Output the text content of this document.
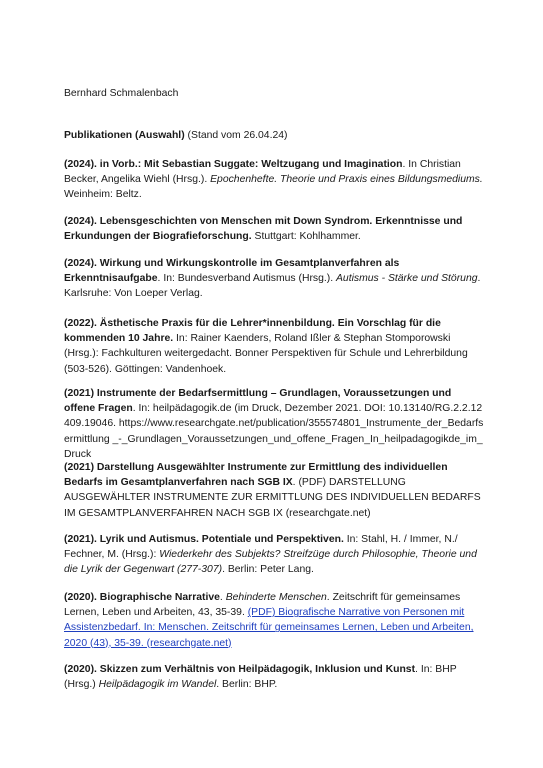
Bernhard Schmalenbach
Publikationen (Auswahl) (Stand vom 26.04.24)

(2024). in Vorb.: Mit Sebastian Suggate: Weltzugang und Imagination. In Christian Becker, Angelika Wiehl (Hrsg.). Epochenhefte. Theorie und Praxis eines Bildungsmediums. Weinheim: Beltz.

(2024). Lebensgeschichten von Menschen mit Down Syndrom. Erkenntnisse und Erkundungen der Biografieforschung. Stuttgart: Kohlhammer.

(2024). Wirkung und Wirkungskontrolle im Gesamtplanverfahren als Erkenntnisaufgabe. In: Bundesverband Autismus (Hrsg.). Autismus - Stärke und Störung. Karlsruhe: Von Loeper Verlag.

(2022). Ästhetische Praxis für die Lehrer*innenbildung. Ein Vorschlag für die kommenden 10 Jahre. In: Rainer Kaenders, Roland Ißler & Stephan Stomporowski (Hrsg.): Fachkulturen weitergedacht. Bonner Perspektiven für Schule und Lehrerbildung (503-526). Göttingen: Vandenhoek.

(2021) Instrumente der Bedarfsermittlung – Grundlagen, Voraussetzungen und offene Fragen. In: heilpädagogik.de (im Druck, Dezember 2021. DOI: 10.13140/RG.2.2.12409.19046. https://www.researchgate.net/publication/355574801_Instrumente_der_Bedarfsermittlung _-_Grundlagen_Voraussetzungen_und_offene_Fragen_In_heilpadagogikde_im_Druck

(2021) Darstellung Ausgewählter Instrumente zur Ermittlung des individuellen Bedarfs im Gesamtplanverfahren nach SGB IX. (PDF) DARSTELLUNG AUSGEWÄHLTER INSTRUMENTE ZUR ERMITTLUNG DES INDIVIDUELLEN BEDARFS IM GESAMTPLANVERFAHREN NACH SGB IX (researchgate.net)

(2021). Lyrik und Autismus. Potentiale und Perspektiven. In: Stahl, H. / Immer, N./ Fechner, M. (Hrsg.): Wiederkehr des Subjekts? Streifzüge durch Philosophie, Theorie und die Lyrik der Gegenwart (277-307). Berlin: Peter Lang.

(2020). Biographische Narrative. Behinderte Menschen. Zeitschrift für gemeinsames Lernen, Leben und Arbeiten, 43, 35-39. (PDF) Biografische Narrative von Personen mit Assistenzbedarf. In: Menschen. Zeitschrift für gemeinsames Lernen, Leben und Arbeiten, 2020 (43), 35-39. (researchgate.net)

(2020). Skizzen zum Verhältnis von Heilpädagogik, Inklusion und Kunst. In: BHP (Hrsg.) Heilpädagogik im Wandel. Berlin: BHP.
